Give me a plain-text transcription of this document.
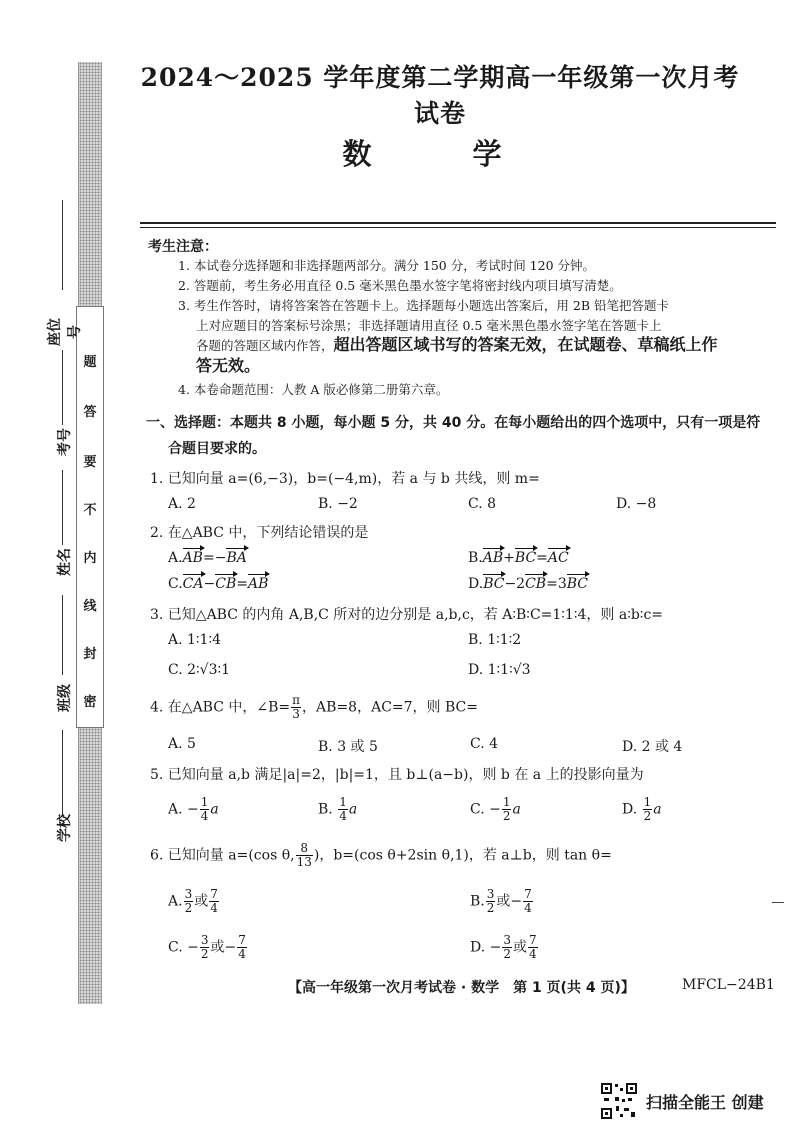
题
答
要
不
内
线
封
密
座位号
考号
姓名
班级
学校
2024～2025 学年度第二学期高一年级第一次月考试卷
数　学
考生注意：
1. 本试卷分选择题和非选择题两部分。满分 150 分，考试时间 120 分钟。
2. 答题前，考生务必用直径 0.5 毫米黑色墨水签字笔将密封线内项目填写清楚。
3. 考生作答时，请将答案答在答题卡上。选择题每小题选出答案后，用 2B 铅笔把答题卡
上对应题目的答案标号涂黑；非选择题请用直径 0.5 毫米黑色墨水签字笔在答题卡上
各题的答题区域内作答，超出答题区域书写的答案无效，在试题卷、草稿纸上作
答无效。
4. 本卷命题范围：人教 A 版必修第二册第六章。
一、选择题：本题共 8 小题，每小题 5 分，共 40 分。在每小题给出的四个选项中，只有一项是符
合题目要求的。
1. 已知向量 a=(6,−3)，b=(−4,m)，若 a 与 b 共线，则 m=
A. 2	B. −2	C. 8	D. −8
2. 在△ABC 中，下列结论错误的是
A.AB=−BA	B.AB+BC=AC
C.CA−CB=AB	D.BC−2CB=3BC
3. 已知△ABC 的内角 A,B,C 所对的边分别是 a,b,c，若 A∶B∶C=1∶1∶4，则 a∶b∶c=
A. 1∶1∶4	B. 1∶1∶2
C. 2∶√3∶1	D. 1∶1∶√3
4. 在△ABC 中，∠B= $\frac{\pi}{3}$ ，AB=8，AC=7，则 BC=
A. 5	B. 3 或 5	C. 4	D. 2 或 4
5. 已知向量 a,b 满足|a|=2，|b|=1，且 b⊥(a−b)，则 b 在 a 上的投影向量为
A. − $\frac{1}{4}$ a	B. $\frac{1}{4}$ a	C. − $\frac{1}{2}$ a	D. $\frac{1}{2}$ a
6. 已知向量 a=(cos θ, $\frac{8}{13}$ )，b=(cos θ+2sin θ,1)，若 a⊥b，则 tan θ=
A. $\frac{3}{2}$ 或 $\frac{7}{4}$	B. $\frac{3}{2}$ 或− $\frac{7}{4}$
C. − $\frac{3}{2}$ 或− $\frac{7}{4}$	D. − $\frac{3}{2}$ 或 $\frac{7}{4}$
【高一年级第一次月考试卷 · 数学　第 1 页(共 4 页)】	MFCL−24B1
扫描全能王 创建
